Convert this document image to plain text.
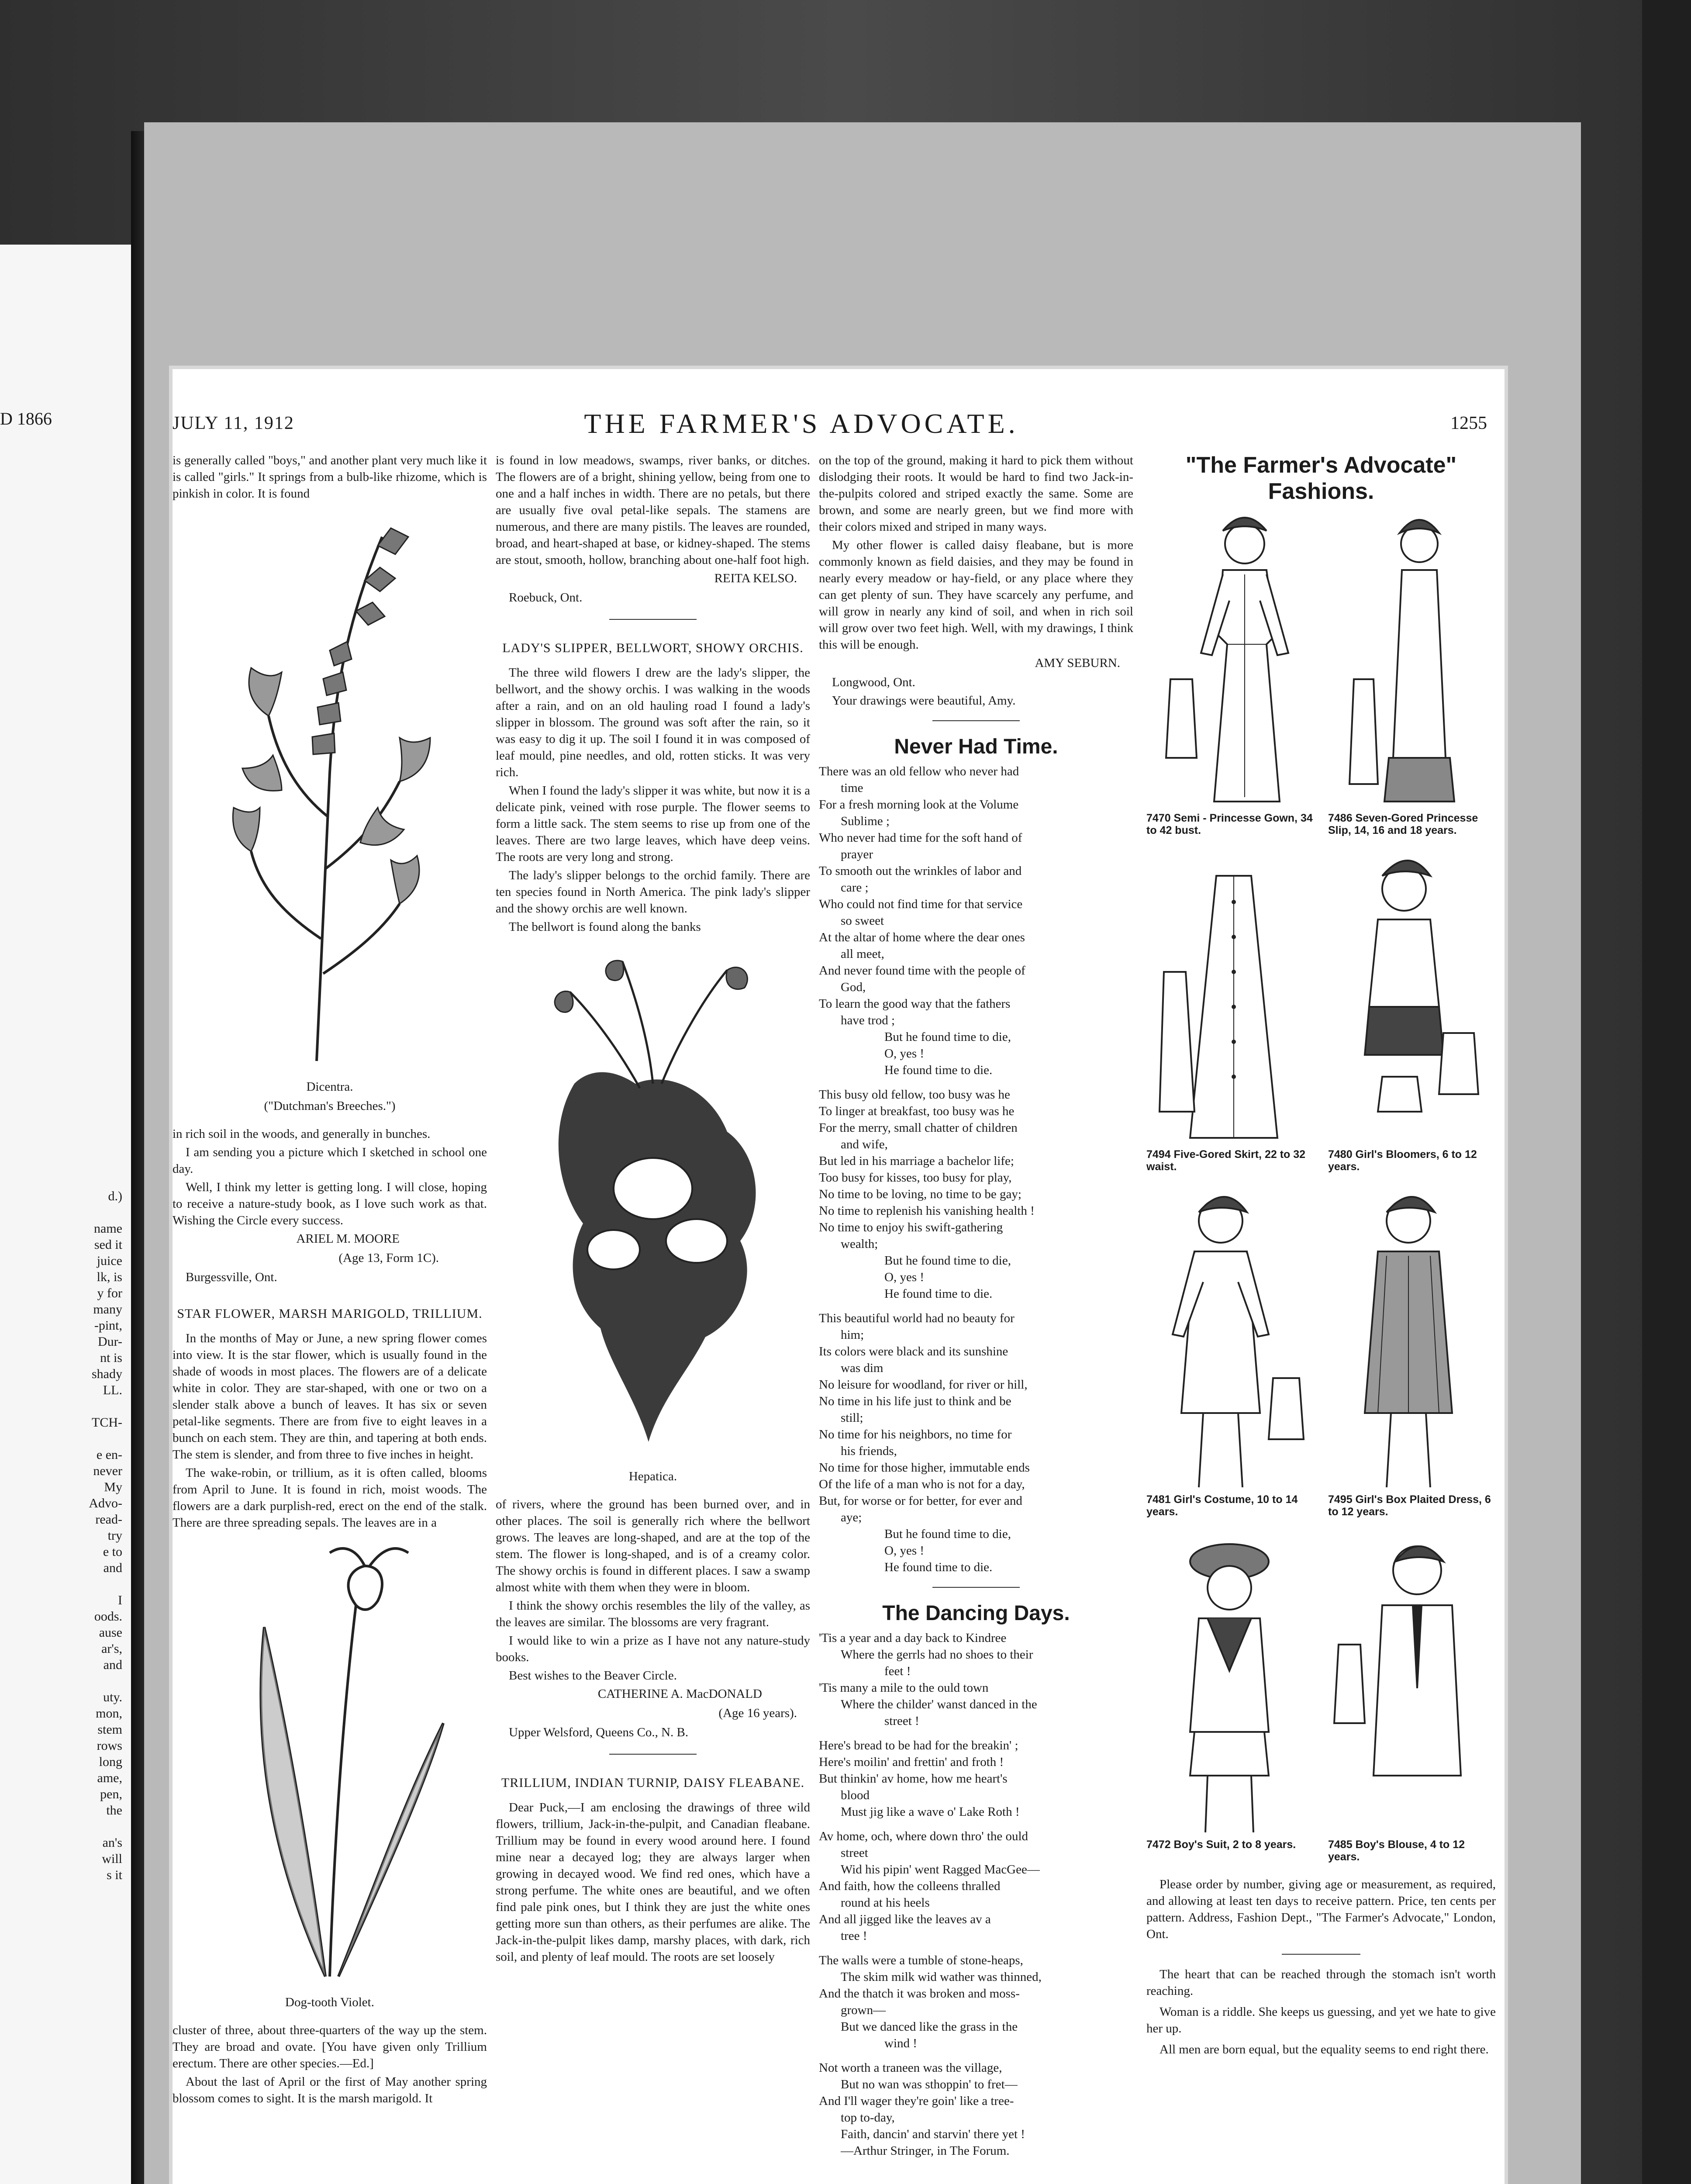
D 1866
d.)

name
sed it
juice
lk, is
y for
many
-pint,
Dur-
nt is
shady
LL.

TCH-

e en-
never
My
Advo-
read-
try
e to
and

I
oods.
ause
ar's,
and

uty.
mon,
stem
rows
long
ame,
pen,
the

an's
will
s it
JULY 11, 1912	THE FARMER'S ADVOCATE.	1255

is generally called "boys," and another plant very much like it is called "girls." It springs from a bulb-like rhizome, which is pinkish in color. It is found

Dicentra.
("Dutchman's Breeches.")

in rich soil in the woods, and generally in bunches.

I am sending you a picture which I sketched in school one day.

Well, I think my letter is getting long. I will close, hoping to receive a nature-study book, as I love such work as that. Wishing the Circle every success.

ARIEL M. MOORE
(Age 13, Form 1C).

Burgessville, Ont.

STAR FLOWER, MARSH MARIGOLD, TRILLIUM.

In the months of May or June, a new spring flower comes into view. It is the star flower, which is usually found in the shade of woods in most places. The flowers are of a delicate white in color. They are star-shaped, with one or two on a slender stalk above a bunch of leaves. It has six or seven petal-like segments. There are from five to eight leaves in a bunch on each stem. They are thin, and tapering at both ends. The stem is slender, and from three to five inches in height.

The wake-robin, or trillium, as it is often called, blooms from April to June. It is found in rich, moist woods. The flowers are a dark purplish-red, erect on the end of the stalk. There are three spreading sepals. The leaves are in a

Dog-tooth Violet.

cluster of three, about three-quarters of the way up the stem. They are broad and ovate. [You have given only Trillium erectum. There are other species.—Ed.]

About the last of April or the first of May another spring blossom comes to sight. It is the marsh marigold. It

is found in low meadows, swamps, river banks, or ditches. The flowers are of a bright, shining yellow, being from one to one and a half inches in width. There are no petals, but there are usually five oval petal-like sepals. The stamens are numerous, and there are many pistils. The leaves are rounded, broad, and heart-shaped at base, or kidney-shaped. The stems are stout, smooth, hollow, branching about one-half foot high.

REITA KELSO.

Roebuck, Ont.

LADY'S SLIPPER, BELLWORT, SHOWY ORCHIS.

The three wild flowers I drew are the lady's slipper, the bellwort, and the showy orchis. I was walking in the woods after a rain, and on an old hauling road I found a lady's slipper in blossom. The ground was soft after the rain, so it was easy to dig it up. The soil I found it in was composed of leaf mould, pine needles, and old, rotten sticks. It was very rich.

When I found the lady's slipper it was white, but now it is a delicate pink, veined with rose purple. The flower seems to form a little sack. The stem seems to rise up from one of the leaves. There are two large leaves, which have deep veins. The roots are very long and strong.

The lady's slipper belongs to the orchid family. There are ten species found in North America. The pink lady's slipper and the showy orchis are well known.

The bellwort is found along the banks

Hepatica.

of rivers, where the ground has been burned over, and in other places. The soil is generally rich where the bellwort grows. The leaves are long-shaped, and are at the top of the stem. The flower is long-shaped, and is of a creamy color. The showy orchis is found in different places. I saw a swamp almost white with them when they were in bloom.

I think the showy orchis resembles the lily of the valley, as the leaves are similar. The blossoms are very fragrant.

I would like to win a prize as I have not any nature-study books.

Best wishes to the Beaver Circle.

CATHERINE A. MacDONALD
(Age 16 years).

Upper Welsford, Queens Co., N. B.

TRILLIUM, INDIAN TURNIP, DAISY FLEABANE.

Dear Puck,—I am enclosing the drawings of three wild flowers, trillium, Jack-in-the-pulpit, and Canadian fleabane. Trillium may be found in every wood around here. I found mine near a decayed log; they are always larger when growing in decayed wood. We find red ones, which have a strong perfume. The white ones are beautiful, and we often find pale pink ones, but I think they are just the white ones getting more sun than others, as their perfumes are alike. The Jack-in-the-pulpit likes damp, marshy places, with dark, rich soil, and plenty of leaf mould. The roots are set loosely

on the top of the ground, making it hard to pick them without dislodging their roots. It would be hard to find two Jack-in-the-pulpits colored and striped exactly the same. Some are brown, and some are nearly green, but we find more with their colors mixed and striped in many ways.

My other flower is called daisy fleabane, but is more commonly known as field daisies, and they may be found in nearly every meadow or hay-field, or any place where they can get plenty of sun. They have scarcely any perfume, and will grow in nearly any kind of soil, and when in rich soil will grow over two feet high. Well, with my drawings, I think this will be enough.

AMY SEBURN.

Longwood, Ont.

Your drawings were beautiful, Amy.

Never Had Time.
There was an old fellow who never had
time
For a fresh morning look at the Volume
Sublime ;
Who never had time for the soft hand of
prayer
To smooth out the wrinkles of labor and
care ;
Who could not find time for that service
so sweet
At the altar of home where the dear ones
all meet,
And never found time with the people of
God,
To learn the good way that the fathers
have trod ;
But he found time to die,
O, yes !
He found time to die.
This busy old fellow, too busy was he
To linger at breakfast, too busy was he
For the merry, small chatter of children
and wife,
But led in his marriage a bachelor life;
Too busy for kisses, too busy for play,
No time to be loving, no time to be gay;
No time to replenish his vanishing health !
No time to enjoy his swift-gathering
wealth;
But he found time to die,
O, yes !
He found time to die.
This beautiful world had no beauty for
him;
Its colors were black and its sunshine
was dim
No leisure for woodland, for river or hill,
No time in his life just to think and be
still;
No time for his neighbors, no time for
his friends,
No time for those higher, immutable ends
Of the life of a man who is not for a day,
But, for worse or for better, for ever and
aye;
But he found time to die,
O, yes !
He found time to die.
The Dancing Days.
'Tis a year and a day back to Kindree
Where the gerrls had no shoes to their
feet !
'Tis many a mile to the ould town
Where the childer' wanst danced in the
street !
Here's bread to be had for the breakin' ;
Here's moilin' and frettin' and froth !
But thinkin' av home, how me heart's
blood
Must jig like a wave o' Lake Roth !
Av home, och, where down thro' the ould
street
Wid his pipin' went Ragged MacGee—
And faith, how the colleens thralled
round at his heels
And all jigged like the leaves av a
tree !
The walls were a tumble of stone-heaps,
The skim milk wid wather was thinned,
And the thatch it was broken and moss-
grown—
But we danced like the grass in the
wind !
Not worth a traneen was the village,
But no wan was sthoppin' to fret—
And I'll wager they're goin' like a tree-
top to-day,
Faith, dancin' and starvin' there yet !
—Arthur Stringer, in The Forum.
"The Farmer's Advocate" Fashions.
7470 Semi - Princesse Gown, 34 to 42 bust.
7486 Seven-Gored Princesse Slip, 14, 16 and 18 years.
7494 Five-Gored Skirt, 22 to 32 waist.
7480 Girl's Bloomers, 6 to 12 years.
7481 Girl's Costume, 10 to 14 years.
7495 Girl's Box Plaited Dress, 6 to 12 years.
7472 Boy's Suit, 2 to 8 years.	7485 Boy's Blouse, 4 to 12 years.

Please order by number, giving age or measurement, as required, and allowing at least ten days to receive pattern. Price, ten cents per pattern. Address, Fashion Dept., "The Farmer's Advocate," London, Ont.

The heart that can be reached through the stomach isn't worth reaching.

Woman is a riddle. She keeps us guessing, and yet we hate to give her up.

All men are born equal, but the equality seems to end right there.
